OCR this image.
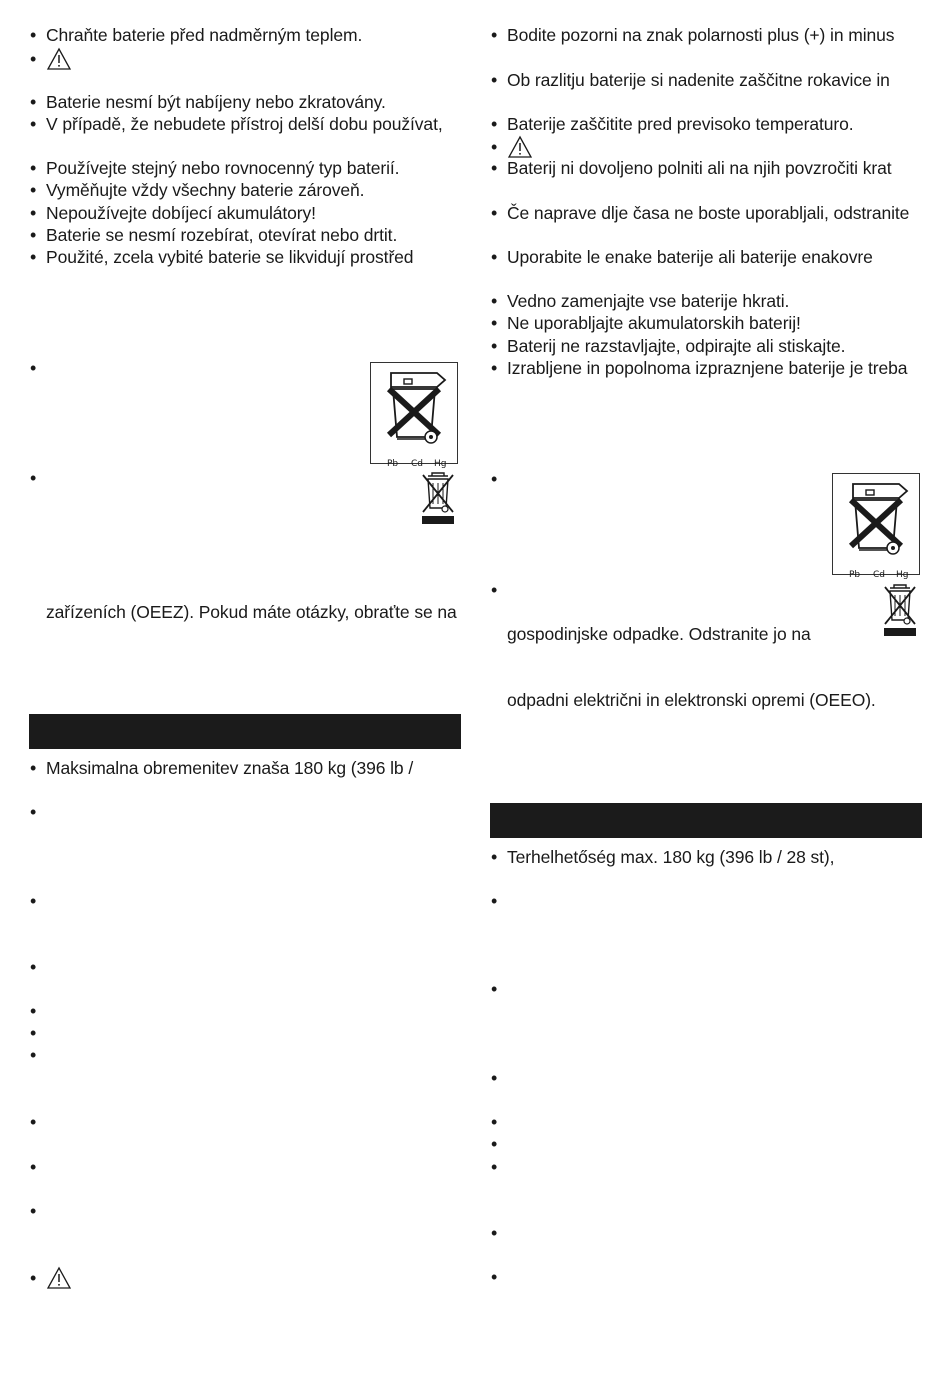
•
Chraňte baterie před nadměrným teplem.
•
•
Baterie nesmí být nabíjeny nebo zkratovány.
•
V případě, že nebudete přístroj delší dobu používat,
•
Používejte stejný nebo rovnocenný typ baterií.
•
Vyměňujte vždy všechny baterie zároveň.
•
Nepoužívejte dobíjecí akumulátory!
•
Baterie se nesmí rozebírat, otevírat nebo drtit.
•
Použité, zcela vybité baterie se likvidují prostřed
•
Pb Cd Hg
•
zařízeních (OEEZ). Pokud máte otázky, obraťte se na
•
Maksimalna obremenitev znaša 180 kg (396 lb /
•
•
•
•
•
•
•
•
•
•
•
Bodite pozorni na znak polarnosti plus (+) in minus
•
Ob razlitju baterije si nadenite zaščitne rokavice in
•
Baterije zaščitite pred previsoko temperaturo.
•
•
Baterij ni dovoljeno polniti ali na njih povzročiti krat
•
Če naprave dlje časa ne boste uporabljali, odstranite
•
Uporabite le enake baterije ali baterije enakovre
•
Vedno zamenjajte vse baterije hkrati.
•
Ne uporabljajte akumulatorskih baterij!
•
Baterij ne razstavljajte, odpirajte ali stiskajte.
•
Izrabljene in popolnoma izpraznjene baterije je treba
•
Pb Cd Hg
•
gospodinjske odpadke. Odstranite jo na
odpadni električni in elektronski opremi (OEEO).
•
Terhelhetőség max. 180 kg (396 lb / 28 st),
•
•
•
•
•
•
•
•
